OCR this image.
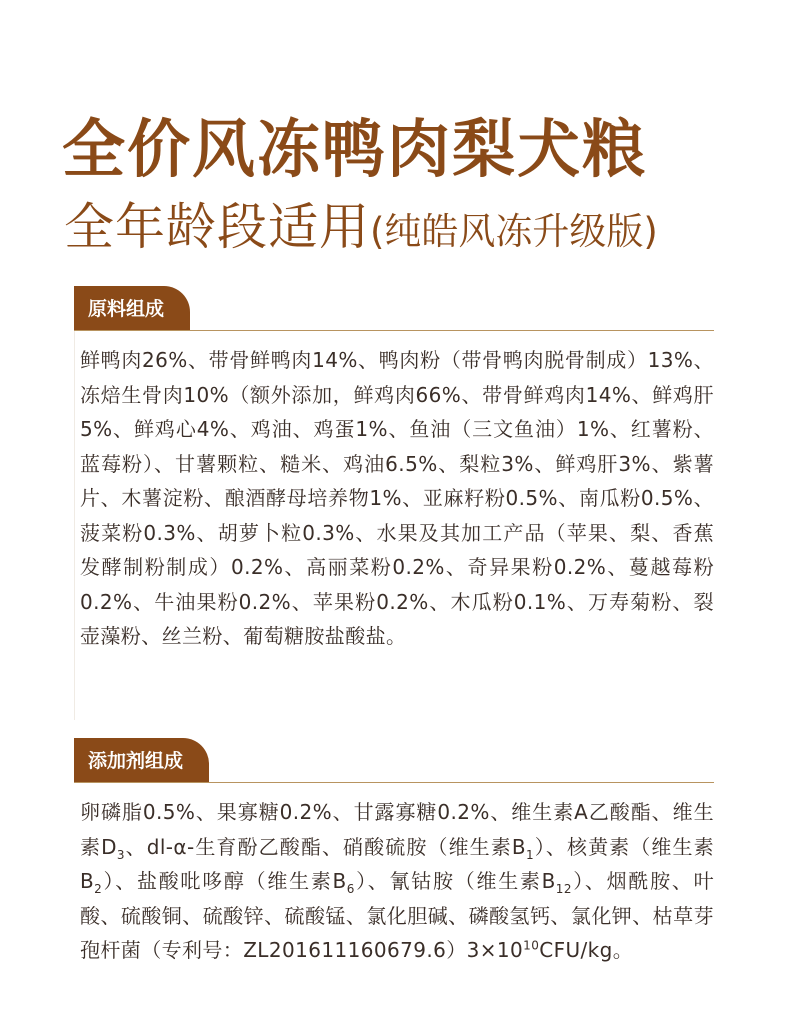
全价风冻鸭肉梨犬粮
全年龄段适用(纯皓风冻升级版)
原料组成
鲜鸭肉26%、带骨鲜鸭肉14%、鸭肉粉（带骨鸭肉脱骨制成）13%、冻焙生骨肉10%（额外添加，鲜鸡肉66%、带骨鲜鸡肉14%、鲜鸡肝5%、鲜鸡心4%、鸡油、鸡蛋1%、鱼油（三文鱼油）1%、红薯粉、蓝莓粉）、甘薯颗粒、糙米、鸡油6.5%、梨粒3%、鲜鸡肝3%、紫薯片、木薯淀粉、酿酒酵母培养物1%、亚麻籽粉0.5%、南瓜粉0.5%、菠菜粉0.3%、胡萝卜粒0.3%、水果及其加工产品（苹果、梨、香蕉发酵制粉制成）0.2%、高丽菜粉0.2%、奇异果粉0.2%、蔓越莓粉0.2%、牛油果粉0.2%、苹果粉0.2%、木瓜粉0.1%、万寿菊粉、裂壶藻粉、丝兰粉、葡萄糖胺盐酸盐。
添加剂组成
卵磷脂0.5%、果寡糖0.2%、甘露寡糖0.2%、维生素A乙酸酯、维生素$D_3$、dl-α-生育酚乙酸酯、硝酸硫胺（维生素$B_1$）、核黄素（维生素$B_2$）、盐酸吡哆醇（维生素$B_6$）、氰钴胺（维生素$B_{12}$）、烟酰胺、叶酸、硫酸铜、硫酸锌、硫酸锰、氯化胆碱、磷酸氢钙、氯化钾、枯草芽孢杆菌（专利号：$ZL201611160679.6)3\times 10^{10}CFU/kg$。
